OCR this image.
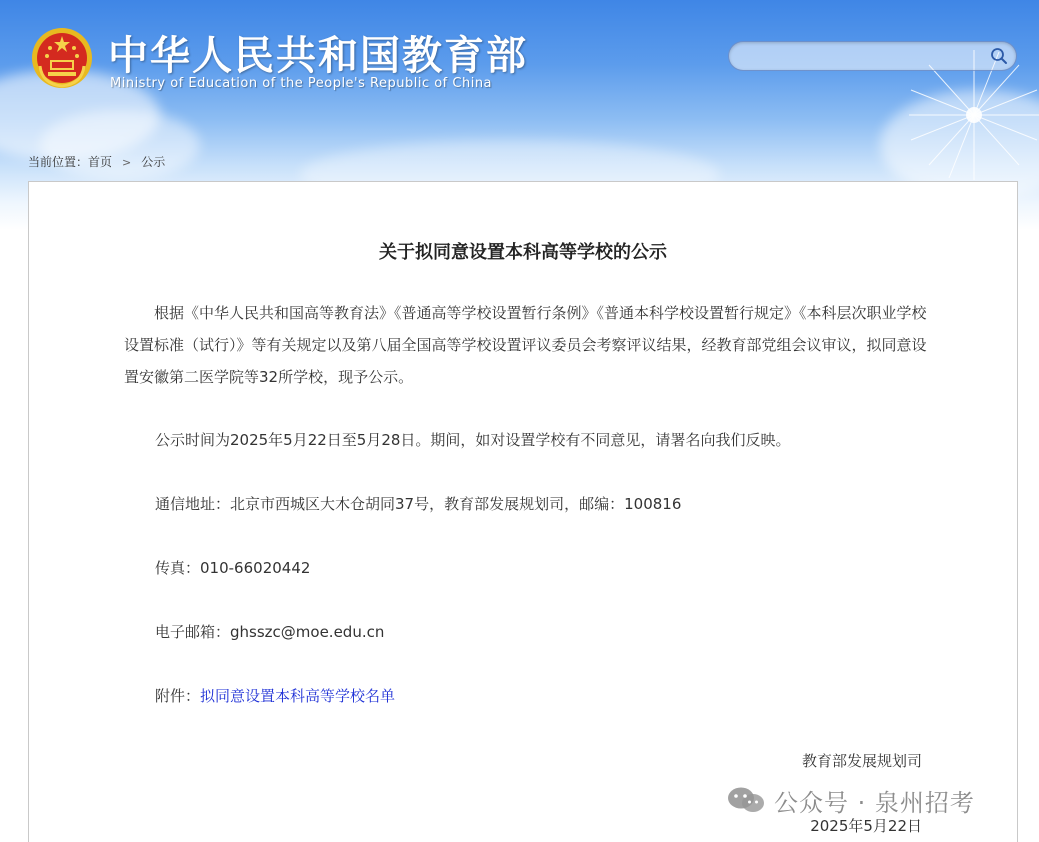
中华人民共和国教育部
Ministry of Education of the People's Republic of China
当前位置：首页 > 公示
关于拟同意设置本科高等学校的公示

根据《中华人民共和国高等教育法》《普通高等学校设置暂行条例》《普通本科学校设置暂行规定》《本科层次职业学校设置标准（试行）》等有关规定以及第八届全国高等学校设置评议委员会考察评议结果，经教育部党组会议审议，拟同意设置安徽第二医学院等32所学校，现予公示。

公示时间为2025年5月22日至5月28日。期间，如对设置学校有不同意见，请署名向我们反映。
通信地址：北京市西城区大木仓胡同37号，教育部发展规划司，邮编：100816
传真：010-66020442
电子邮箱：ghsszc@moe.edu.cn
附件：拟同意设置本科高等学校名单
教育部发展规划司
2025年5月22日
公众号 · 泉州招考
